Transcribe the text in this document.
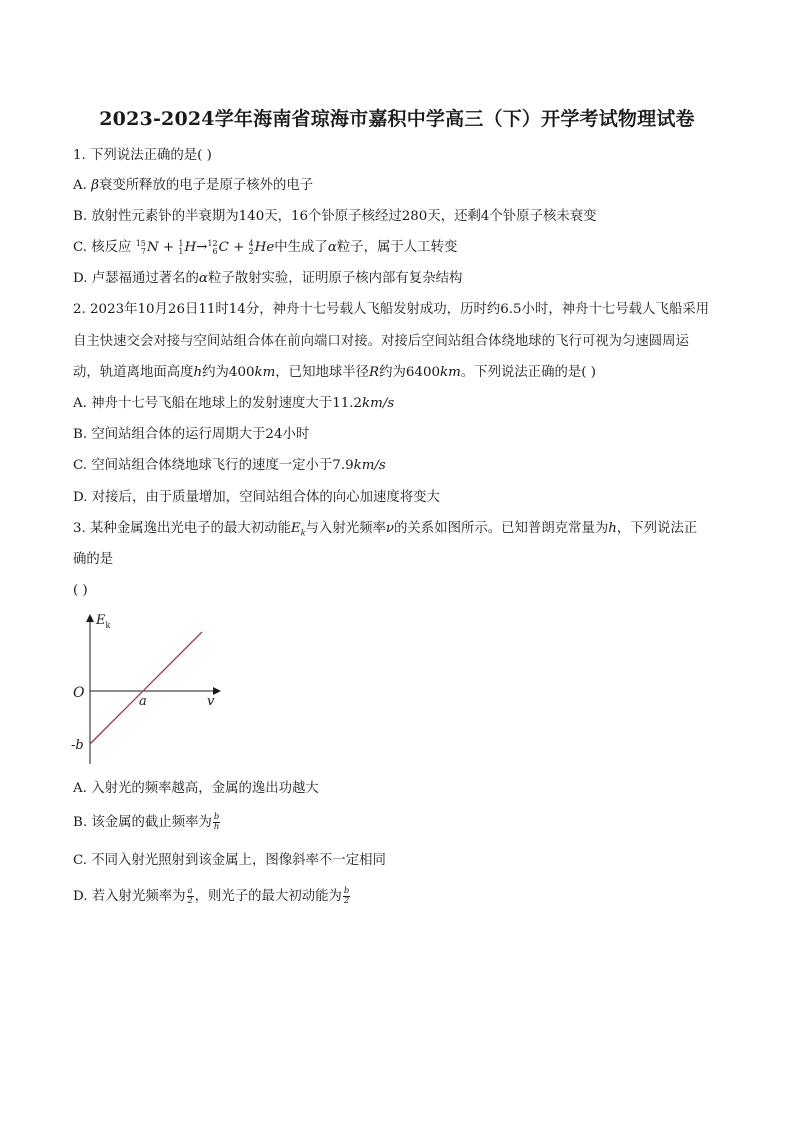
2023-2024学年海南省琼海市嘉积中学高三（下）开学考试物理试卷
1. 下列说法正确的是( )
A. β衰变所释放的电子是原子核外的电子
B. 放射性元素钋的半衰期为140天，16个钋原子核经过280天，还剩4个钋原子核未衰变
C. 核反应 15
7 N + 1
1 H→ 12
6 C + 4
2 He中生成了α粒子，属于人工转变
D. 卢瑟福通过著名的α粒子散射实验，证明原子核内部有复杂结构
2. 2023年10月26日11时14分，神舟十七号载人飞船发射成功，历时约6.5小时，神舟十七号载人飞船采用
自主快速交会对接与空间站组合体在前向端口对接。对接后空间站组合体绕地球的飞行可视为匀速圆周运
动，轨道离地面高度h约为400km，已知地球半径R约为6400km。下列说法正确的是( )
A. 神舟十七号飞船在地球上的发射速度大于11.2km/s
B. 空间站组合体的运行周期大于24小时
C. 空间站组合体绕地球飞行的速度一定小于7.9km/s
D. 对接后，由于质量增加，空间站组合体的向心加速度将变大
3. 某种金属逸出光电子的最大初动能$E_k$与入射光频率ν的关系如图所示。已知普朗克常量为h，下列说法正
确的是
( )
$E_k$
O
a	v
-b
A. 入射光的频率越高，金属的逸出功越大
B. 该金属的截止频率为 $\frac{b}{h}$
C. 不同入射光照射到该金属上，图像斜率不一定相同
D. 若入射光频率为 $\frac{a}{2}$ ，则光子的最大初动能为 $\frac{b}{2}$
